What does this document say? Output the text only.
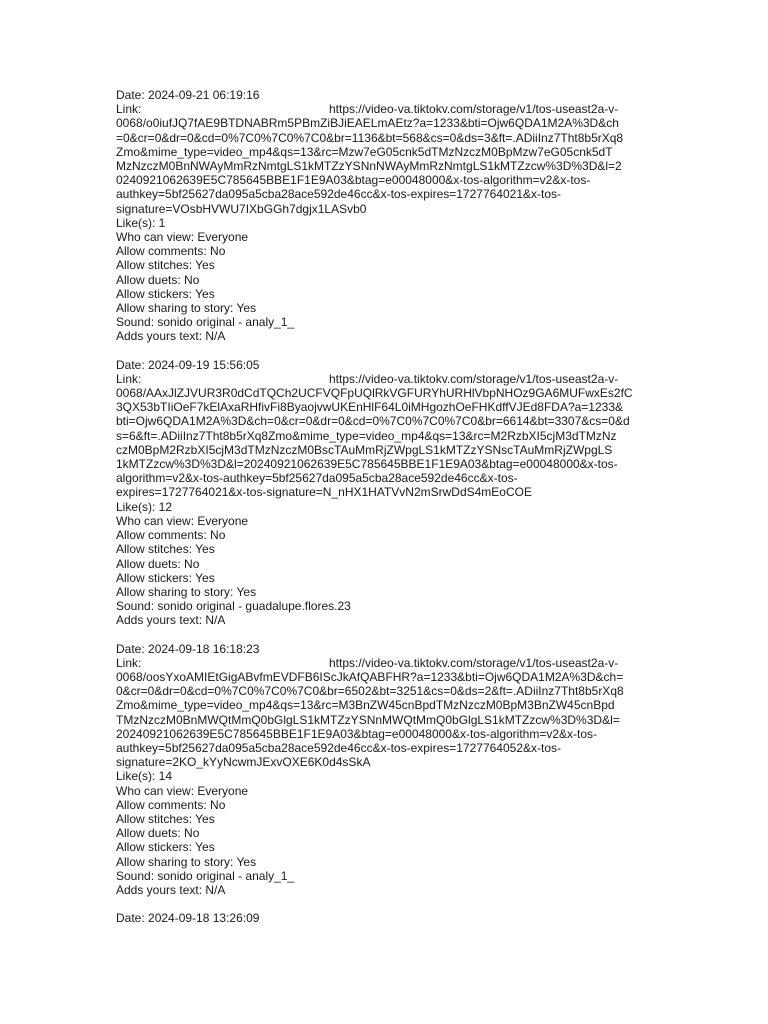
Date: 2024-09-21 06:19:16
Link:	https://video-va.tiktokv.com/storage/v1/tos-useast2a-v-
0068/o0iufJQ7fAE9BTDNABRm5PBmZiBJiEAELmAEtz?a=1233&bti=Ojw6QDA1M2A%3D&ch
=0&cr=0&dr=0&cd=0%7C0%7C0%7C0&br=1136&bt=568&cs=0&ds=3&ft=.ADiiInz7Tht8b5rXq8
Zmo&mime_type=video_mp4&qs=13&rc=Mzw7eG05cnk5dTMzNzczM0BpMzw7eG05cnk5dT
MzNzczM0BnNWAyMmRzNmtgLS1kMTZzYSNnNWAyMmRzNmtgLS1kMTZzcw%3D%3D&l=2
0240921062639E5C785645BBE1F1E9A03&btag=e00048000&x-tos-algorithm=v2&x-tos-
authkey=5bf25627da095a5cba28ace592de46cc&x-tos-expires=1727764021&x-tos-
signature=VOsbHVWU7IXbGGh7dgjx1LASvb0
Like(s): 1
Who can view: Everyone
Allow comments: No
Allow stitches: Yes
Allow duets: No
Allow stickers: Yes
Allow sharing to story: Yes
Sound: sonido original - analy_1_
Adds yours text: N/A
Date: 2024-09-19 15:56:05
Link:	https://video-va.tiktokv.com/storage/v1/tos-useast2a-v-
0068/AAxJlZJVUR3R0dCdTQCh2UCFVQFpUQlRkVGFURYhURHlVbpNHOz9GA6MUFwxEs2fC
3QX53bTIiOeF7kElAxaRHfivFi8ByaojvwUKEnHlF64L0iMHgozhOeFHKdffVJEd8FDA?a=1233&
bti=Ojw6QDA1M2A%3D&ch=0&cr=0&dr=0&cd=0%7C0%7C0%7C0&br=6614&bt=3307&cs=0&d
s=6&ft=.ADiiInz7Tht8b5rXq8Zmo&mime_type=video_mp4&qs=13&rc=M2RzbXI5cjM3dTMzNz
czM0BpM2RzbXI5cjM3dTMzNzczM0BscTAuMmRjZWpgLS1kMTZzYSNscTAuMmRjZWpgLS
1kMTZzcw%3D%3D&l=20240921062639E5C785645BBE1F1E9A03&btag=e00048000&x-tos-
algorithm=v2&x-tos-authkey=5bf25627da095a5cba28ace592de46cc&x-tos-
expires=1727764021&x-tos-signature=N_nHX1HATVvN2mSrwDdS4mEoCOE
Like(s): 12
Who can view: Everyone
Allow comments: No
Allow stitches: Yes
Allow duets: No
Allow stickers: Yes
Allow sharing to story: Yes
Sound: sonido original - guadalupe.flores.23
Adds yours text: N/A
Date: 2024-09-18 16:18:23
Link:	https://video-va.tiktokv.com/storage/v1/tos-useast2a-v-
0068/oosYxoAMIEtGigABvfmEVDFB6IScJkAfQABFHR?a=1233&bti=Ojw6QDA1M2A%3D&ch=
0&cr=0&dr=0&cd=0%7C0%7C0%7C0&br=6502&bt=3251&cs=0&ds=2&ft=.ADiiInz7Tht8b5rXq8
Zmo&mime_type=video_mp4&qs=13&rc=M3BnZW45cnBpdTMzNzczM0BpM3BnZW45cnBpd
TMzNzczM0BnMWQtMmQ0bGlgLS1kMTZzYSNnMWQtMmQ0bGlgLS1kMTZzcw%3D%3D&l=
20240921062639E5C785645BBE1F1E9A03&btag=e00048000&x-tos-algorithm=v2&x-tos-
authkey=5bf25627da095a5cba28ace592de46cc&x-tos-expires=1727764052&x-tos-
signature=2KO_kYyNcwmJExvOXE6K0d4sSkA
Like(s): 14
Who can view: Everyone
Allow comments: No
Allow stitches: Yes
Allow duets: No
Allow stickers: Yes
Allow sharing to story: Yes
Sound: sonido original - analy_1_
Adds yours text: N/A
Date: 2024-09-18 13:26:09
